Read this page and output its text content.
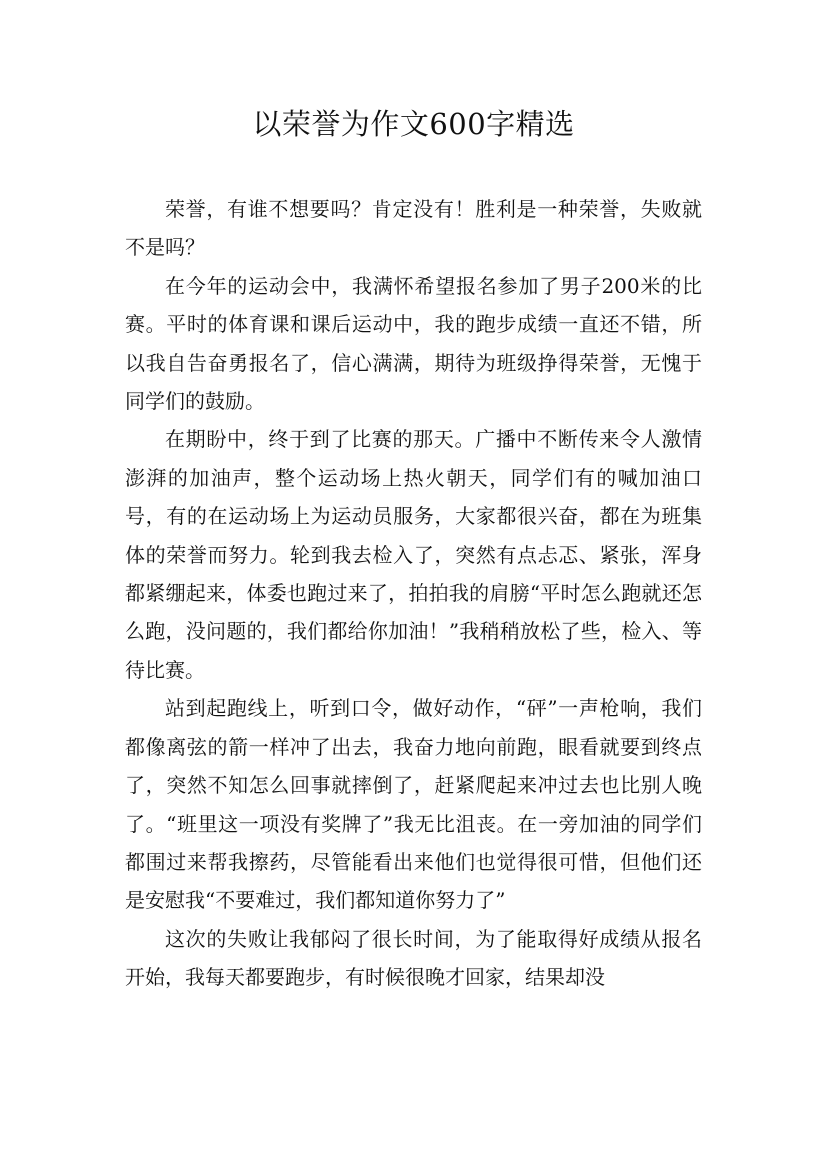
以荣誉为作文600字精选

荣誉，有谁不想要吗？肯定没有！胜利是一种荣誉，失败就不是吗？

在今年的运动会中，我满怀希望报名参加了男子200米的比赛。平时的体育课和课后运动中，我的跑步成绩一直还不错，所以我自告奋勇报名了，信心满满，期待为班级挣得荣誉，无愧于同学们的鼓励。

在期盼中，终于到了比赛的那天。广播中不断传来令人激情澎湃的加油声，整个运动场上热火朝天，同学们有的喊加油口号，有的在运动场上为运动员服务，大家都很兴奋，都在为班集体的荣誉而努力。轮到我去检入了，突然有点忐忑、紧张，浑身都紧绷起来，体委也跑过来了，拍拍我的肩膀“平时怎么跑就还怎么跑，没问题的，我们都给你加油！”我稍稍放松了些，检入、等待比赛。

站到起跑线上，听到口令，做好动作，“砰”一声枪响，我们都像离弦的箭一样冲了出去，我奋力地向前跑，眼看就要到终点了，突然不知怎么回事就摔倒了，赶紧爬起来冲过去也比别人晚了。“班里这一项没有奖牌了”我无比沮丧。在一旁加油的同学们都围过来帮我擦药，尽管能看出来他们也觉得很可惜，但他们还是安慰我“不要难过，我们都知道你努力了”

这次的失败让我郁闷了很长时间，为了能取得好成绩从报名开始，我每天都要跑步，有时候很晚才回家，结果却没
